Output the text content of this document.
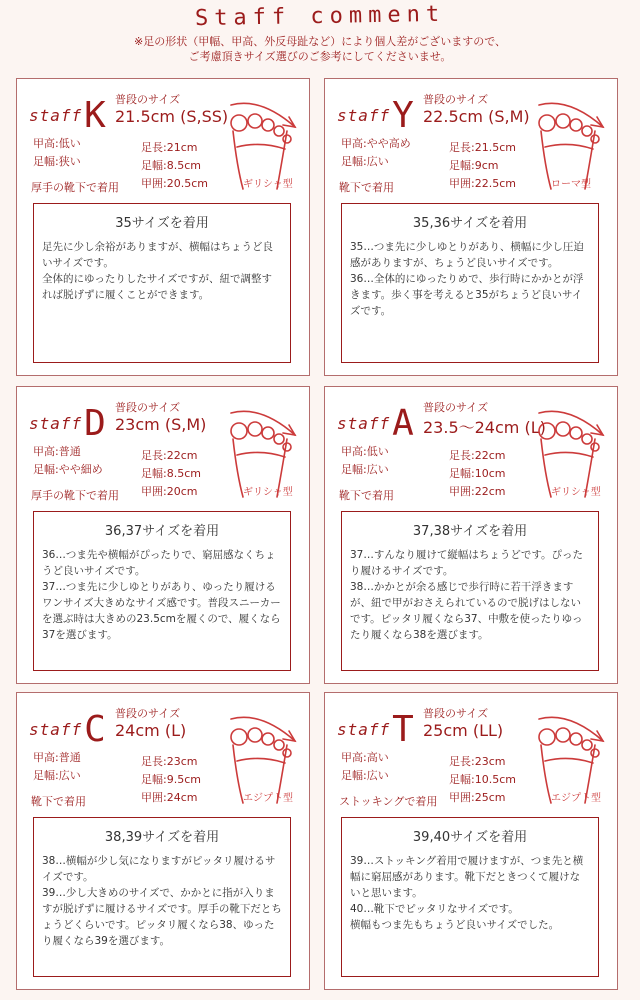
Staff comment
※足の形状（甲幅、甲高、外反母趾など）により個人差がございますので、
ご考慮頂きサイズ選びのご参考にしてくださいませ。
staffK 普段のサイズ
21.5cm (S,SS)
ギリシャ型
甲高:低い
足幅:狭い
厚手の靴下で着用
足長:21cm
足幅:8.5cm
甲囲:20.5cm
35サイズを着用
足先に少し余裕がありますが、横幅はちょうど良いサイズです。
全体的にゆったりしたサイズですが、紐で調整すれば脱げずに履くことができます。
staffY 普段のサイズ
22.5cm (S,M)
ローマ型
甲高:やや高め
足幅:広い
靴下で着用
足長:21.5cm
足幅:9cm
甲囲:22.5cm
35,36サイズを着用
35…つま先に少しゆとりがあり、横幅に少し圧迫感がありますが、ちょうど良いサイズです。
36…全体的にゆったりめで、歩行時にかかとが浮きます。歩く事を考えると35がちょうど良いサイズです。
staffD 普段のサイズ
23cm (S,M)
ギリシャ型
甲高:普通
足幅:やや細め
厚手の靴下で着用
足長:22cm
足幅:8.5cm
甲囲:20cm
36,37サイズを着用
36…つま先や横幅がぴったりで、窮屈感なくちょうど良いサイズです。
37…つま先に少しゆとりがあり、ゆったり履けるワンサイズ大きめなサイズ感です。普段スニーカーを選ぶ時は大きめの23.5cmを履くので、履くなら37を選びます。
staffA 普段のサイズ
23.5〜24cm (L)
ギリシャ型
甲高:低い
足幅:広い
靴下で着用
足長:22cm
足幅:10cm
甲囲:22cm
37,38サイズを着用
37…すんなり履けて縦幅はちょうどです。ぴったり履けるサイズです。
38…かかとが余る感じで歩行時に若干浮きますが、紐で甲がおさえられているので脱げはしないです。ピッタリ履くなら37、中敷を使ったりゆったり履くなら38を選びます。
staffC 普段のサイズ
24cm (L)
エジプト型
甲高:普通
足幅:広い
靴下で着用
足長:23cm
足幅:9.5cm
甲囲:24cm
38,39サイズを着用
38…横幅が少し気になりますがピッタリ履けるサイズです。
39…少し大きめのサイズで、かかとに指が入りますが脱げずに履けるサイズです。厚手の靴下だとちょうどくらいです。ピッタリ履くなら38、ゆったり履くなら39を選びます。
staffT 普段のサイズ
25cm (LL)
エジプト型
甲高:高い
足幅:広い
ストッキングで着用
足長:23cm
足幅:10.5cm
甲囲:25cm
39,40サイズを着用
39…ストッキング着用で履けますが、つま先と横幅に窮屈感があります。靴下だときつくて履けないと思います。
40…靴下でピッタリなサイズです。
横幅もつま先もちょうど良いサイズでした。
